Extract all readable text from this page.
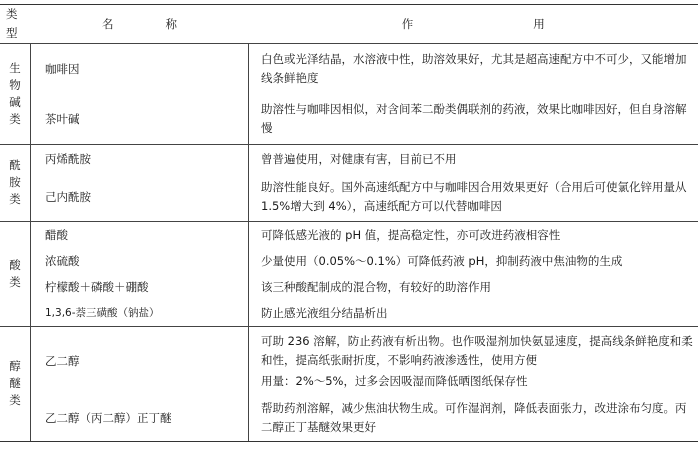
类型	名 称	作 用
生物碱类	咖啡因	白色或光泽结晶，水溶液中性，助溶效果好，尤其是超高速配方中不可少，又能增加线条鲜艳度
	茶叶碱	助溶性与咖啡因相似，对含间苯二酚类偶联剂的药液，效果比咖啡因好，但自身溶解慢
酰胺类	丙烯酰胺	曾普遍使用，对健康有害，目前已不用
	己内酰胺	助溶性能良好。国外高速纸配方中与咖啡因合用效果更好（合用后可使氯化锌用量从 1.5%增大到 4%），高速纸配方可以代替咖啡因
酸类	醋酸	可降低感光液的 pH 值，提高稳定性，亦可改进药液相容性
	浓硫酸	少量使用（0.05%～0.1%）可降低药液 pH，抑制药液中焦油物的生成
	柠檬酸＋磷酸＋硼酸	该三种酸配制成的混合物，有较好的助溶作用
	1,3,6-萘三磺酸（钠盐）	防止感光液组分结晶析出
醇醚类	乙二醇	可助 236 溶解，防止药液有析出物。也作吸湿剂加快氨显速度，提高线条鲜艳度和柔和性，提高纸张耐折度，不影响药液渗透性，使用方便
用量：2%～5%，过多会因吸湿而降低晒图纸保存性

	乙二醇（丙二醇）正丁醚	帮助药剂溶解，减少焦油状物生成。可作湿润剂，降低表面张力，改进涂布匀度。丙二醇正丁基醚效果更好
